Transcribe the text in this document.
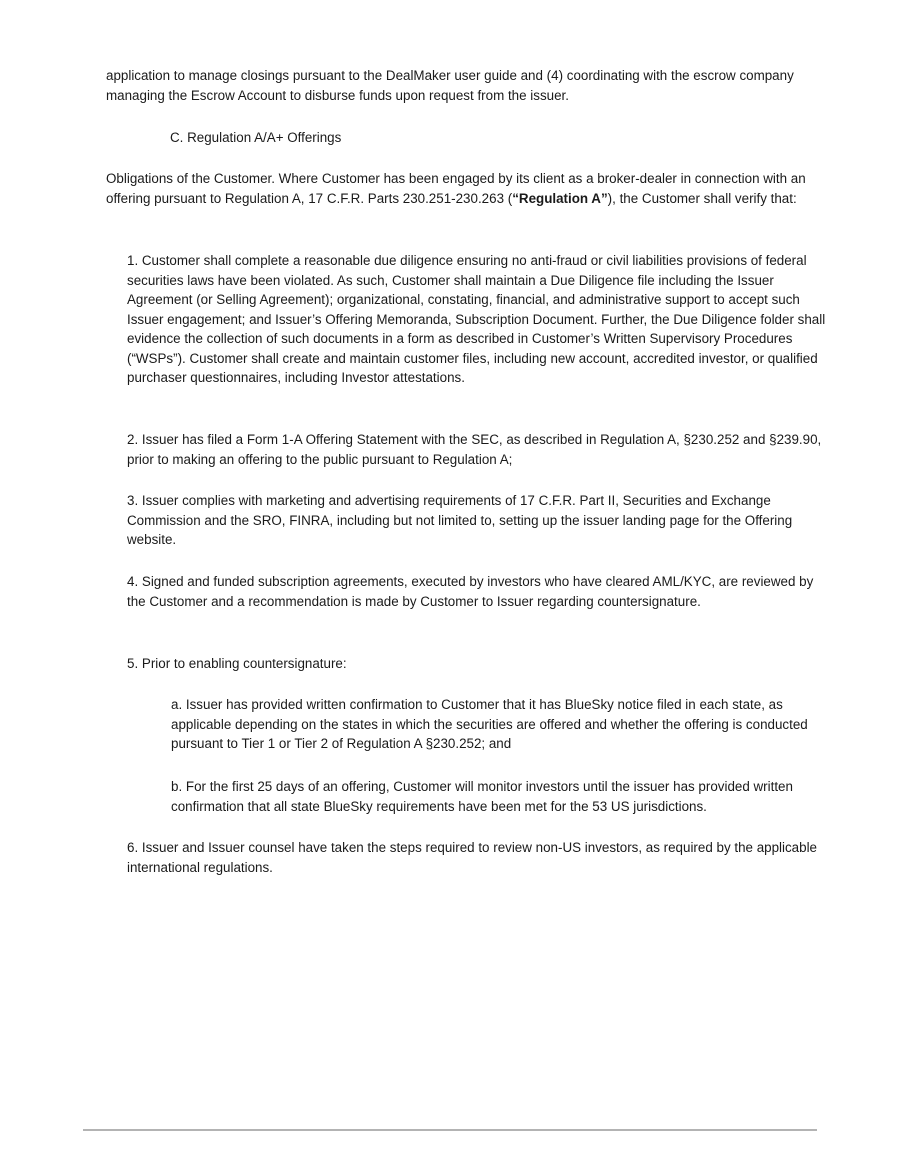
application to manage closings pursuant to the DealMaker user guide and (4) coordinating with the escrow company managing the Escrow Account to disburse funds upon request from the issuer.

C. Regulation A/A+ Offerings

Obligations of the Customer. Where Customer has been engaged by its client as a broker-dealer in connection with an offering pursuant to Regulation A, 17 C.F.R. Parts 230.251-230.263 (“Regulation A”), the Customer shall verify that:

1. Customer shall complete a reasonable due diligence ensuring no anti-fraud or civil liabilities provisions of federal securities laws have been violated. As such, Customer shall maintain a Due Diligence file including the Issuer Agreement (or Selling Agreement); organizational, constating, financial, and administrative support to accept such Issuer engagement; and Issuer’s Offering Memoranda, Subscription Document. Further, the Due Diligence folder shall evidence the collection of such documents in a form as described in Customer’s Written Supervisory Procedures (“WSPs”). Customer shall create and maintain customer files, including new account, accredited investor, or qualified purchaser questionnaires, including Investor attestations.

2. Issuer has filed a Form 1-A Offering Statement with the SEC, as described in Regulation A, §230.252 and §239.90, prior to making an offering to the public pursuant to Regulation A;

3. Issuer complies with marketing and advertising requirements of 17 C.F.R. Part II, Securities and Exchange Commission and the SRO, FINRA, including but not limited to, setting up the issuer landing page for the Offering website.

4. Signed and funded subscription agreements, executed by investors who have cleared AML/KYC, are reviewed by the Customer and a recommendation is made by Customer to Issuer regarding countersignature.

5. Prior to enabling countersignature:

a. Issuer has provided written confirmation to Customer that it has BlueSky notice filed in each state, as applicable depending on the states in which the securities are offered and whether the offering is conducted pursuant to Tier 1 or Tier 2 of Regulation A §230.252; and

b. For the first 25 days of an offering, Customer will monitor investors until the issuer has provided written confirmation that all state BlueSky requirements have been met for the 53 US jurisdictions.

6. Issuer and Issuer counsel have taken the steps required to review non-US investors, as required by the applicable international regulations.
